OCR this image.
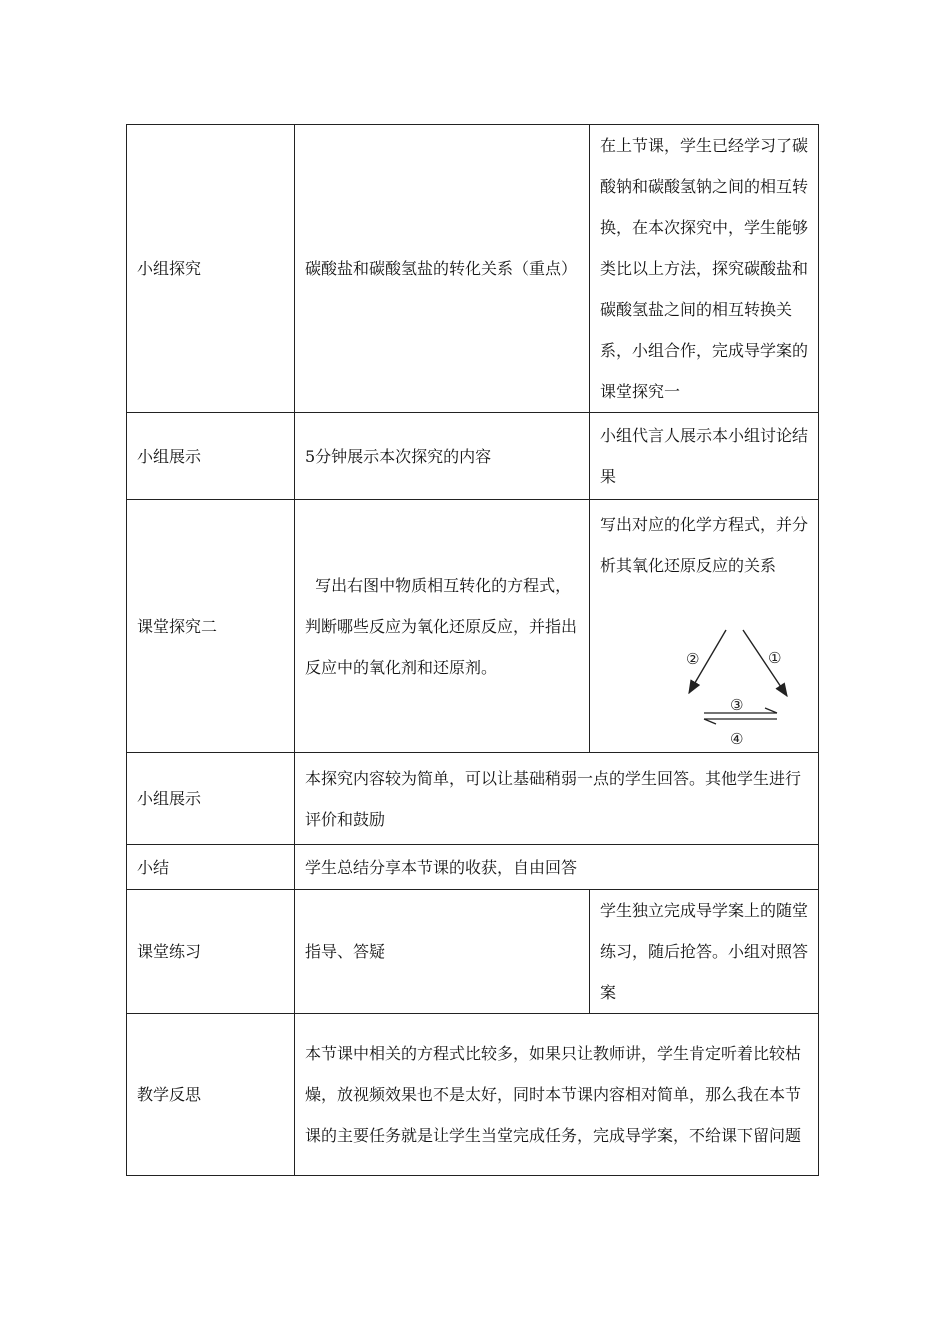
小组探究	碳酸盐和碳酸氢盐的转化关系（重点）	在上节课，学生已经学习了碳酸钠和碳酸氢钠之间的相互转换，在本次探究中，学生能够类比以上方法，探究碳酸盐和碳酸氢盐之间的相互转换关系，小组合作，完成导学案的课堂探究一
小组展示	5分钟展示本次探究的内容	小组代言人展示本小组讨论结果
课堂探究二	写出右图中物质相互转化的方程式，判断哪些反应为氧化还原反应，并指出反应中的氧化剂和还原剂。	写出对应的化学方程式，并分析其氧化还原反应的关系
② ①
③
④

小组展示	本探究内容较为简单，可以让基础稍弱一点的学生回答。其他学生进行评价和鼓励	
小结	学生总结分享本节课的收获，自由回答	
课堂练习	指导、答疑	学生独立完成导学案上的随堂练习，随后抢答。小组对照答案
教学反思	本节课中相关的方程式比较多，如果只让教师讲，学生肯定听着比较枯燥，放视频效果也不是太好，同时本节课内容相对简单，那么我在本节课的主要任务就是让学生当堂完成任务，完成导学案，不给课下留问题	
